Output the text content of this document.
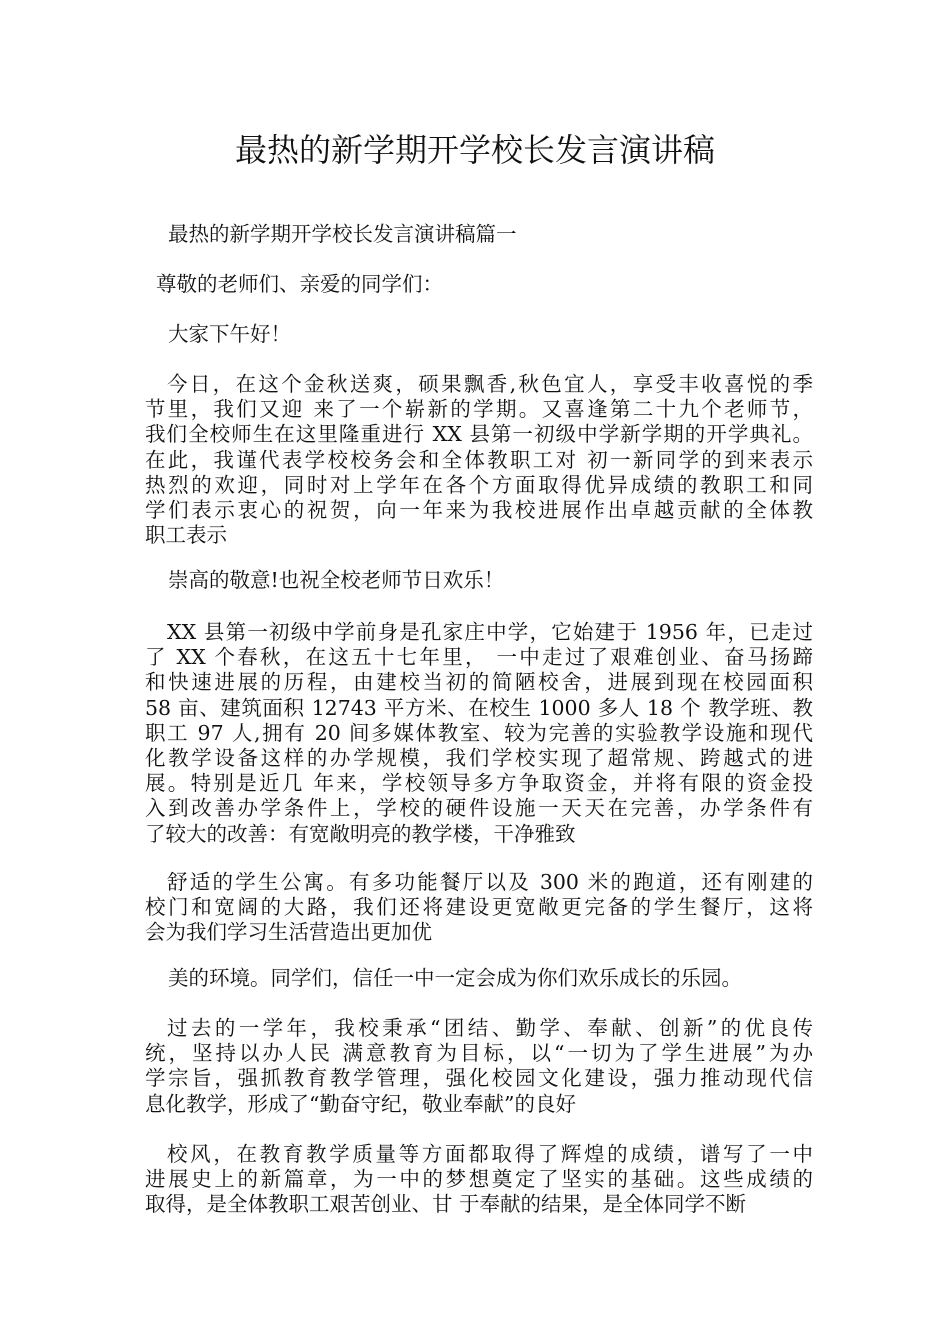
最热的新学期开学校长发言演讲稿
最热的新学期开学校长发言演讲稿篇一
尊敬的老师们、亲爱的同学们：
大家下午好！
今日，在这个金秋送爽，硕果飘香,秋色宜人，享受丰收喜悦的季
节里，我们又迎 来了一个崭新的学期。又喜逢第二十九个老师节，
我们全校师生在这里隆重进行 XX 县第一初级中学新学期的开学典礼。
在此，我谨代表学校校务会和全体教职工对 初一新同学的到来表示
热烈的欢迎，同时对上学年在各个方面取得优异成绩的教职工和同
学们表示衷心的祝贺，向一年来为我校进展作出卓越贡献的全体教
职工表示
崇高的敬意!也祝全校老师节日欢乐！
XX 县第一初级中学前身是孔家庄中学，它始建于 1956 年，已走过
了 XX 个春秋，在这五十七年里， 一中走过了艰难创业、奋马扬蹄
和快速进展的历程，由建校当初的简陋校舍，进展到现在校园面积
58 亩、建筑面积 12743 平方米、在校生 1000 多人 18 个 教学班、教
职工 97 人,拥有 20 间多媒体教室、较为完善的实验教学设施和现代
化教学设备这样的办学规模，我们学校实现了超常规、跨越式的进
展。特别是近几 年来，学校领导多方争取资金，并将有限的资金投
入到改善办学条件上，学校的硬件设施一天天在完善，办学条件有
了较大的改善：有宽敞明亮的教学楼，干净雅致
舒适的学生公寓。有多功能餐厅以及 300 米的跑道，还有刚建的
校门和宽阔的大路，我们还将建设更宽敞更完备的学生餐厅，这将
会为我们学习生活营造出更加优
美的环境。同学们，信任一中一定会成为你们欢乐成长的乐园。
过去的一学年，我校秉承“团结、勤学、奉献、创新”的优良传
统，坚持以办人民 满意教育为目标，以“一切为了学生进展”为办
学宗旨，强抓教育教学管理，强化校园文化建设，强力推动现代信
息化教学，形成了“勤奋守纪，敬业奉献”的良好
校风，在教育教学质量等方面都取得了辉煌的成绩，谱写了一中
进展史上的新篇章，为一中的梦想奠定了坚实的基础。这些成绩的
取得，是全体教职工艰苦创业、甘 于奉献的结果，是全体同学不断
